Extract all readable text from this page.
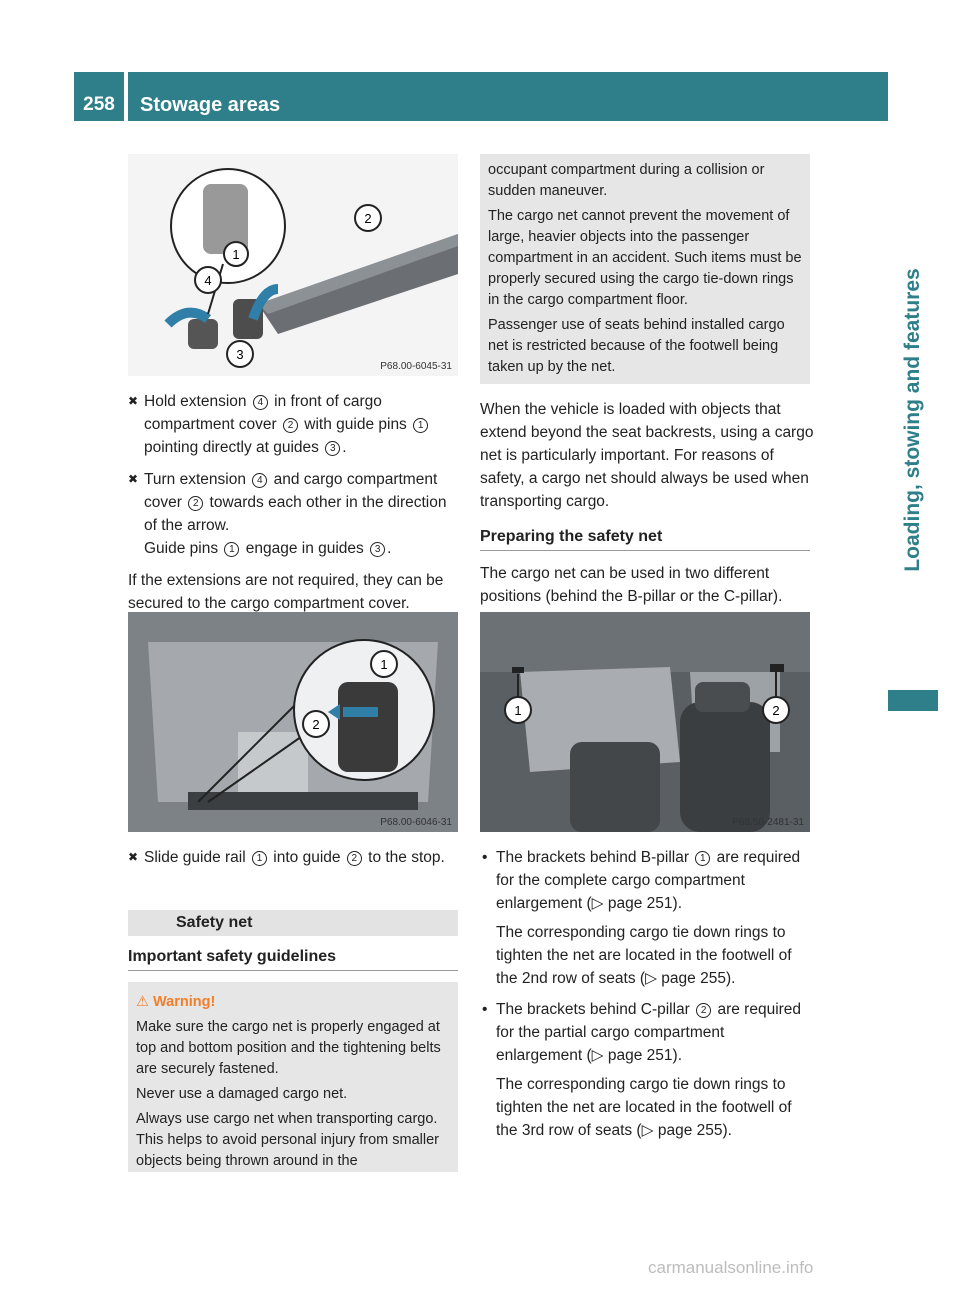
258	Stowage areas
Loading, stowing and features
1
2
4
3
P68.00-6045-31

✖ Hold extension 4 in front of cargo compartment cover 2 with guide pins 1 pointing directly at guides 3 .

✖ Turn extension 4 and cargo compartment cover 2 towards each other in the direction of the arrow.
Guide pins 1 engage in guides 3 .

If the extensions are not required, they can be secured to the cargo compartment cover.

1
2
P68.00-6046-31

✖ Slide guide rail 1 into guide 2 to the stop.

Safety net
Important safety guidelines

⚠ Warning!

Make sure the cargo net is properly engaged at top and bottom position and the tightening belts are securely fastened.

Never use a damaged cargo net.

Always use cargo net when transporting cargo. This helps to avoid personal injury from smaller objects being thrown around in the

occupant compartment during a collision or sudden maneuver.

The cargo net cannot prevent the movement of large, heavier objects into the passenger compartment in an accident. Such items must be properly secured using the cargo tie-down rings in the cargo compartment floor.

Passenger use of seats behind installed cargo net is restricted because of the footwell being taken up by the net.

When the vehicle is loaded with objects that extend beyond the seat backrests, using a cargo net is particularly important. For reasons of safety, a cargo net should always be used when transporting cargo.

Preparing the safety net

The cargo net can be used in two different positions (behind the B-pillar or the C-pillar).

1	2
P68.50-2481-31

• The brackets behind B-pillar 1 are required for the complete cargo compartment enlargement (▷ page 251).

The corresponding cargo tie down rings to tighten the net are located in the footwell of the 2nd row of seats (▷ page 255).

• The brackets behind C-pillar 2 are required for the partial cargo compartment enlargement (▷ page 251).

The corresponding cargo tie down rings to tighten the net are located in the footwell of the 3rd row of seats (▷ page 255).

carmanualsonline.info
